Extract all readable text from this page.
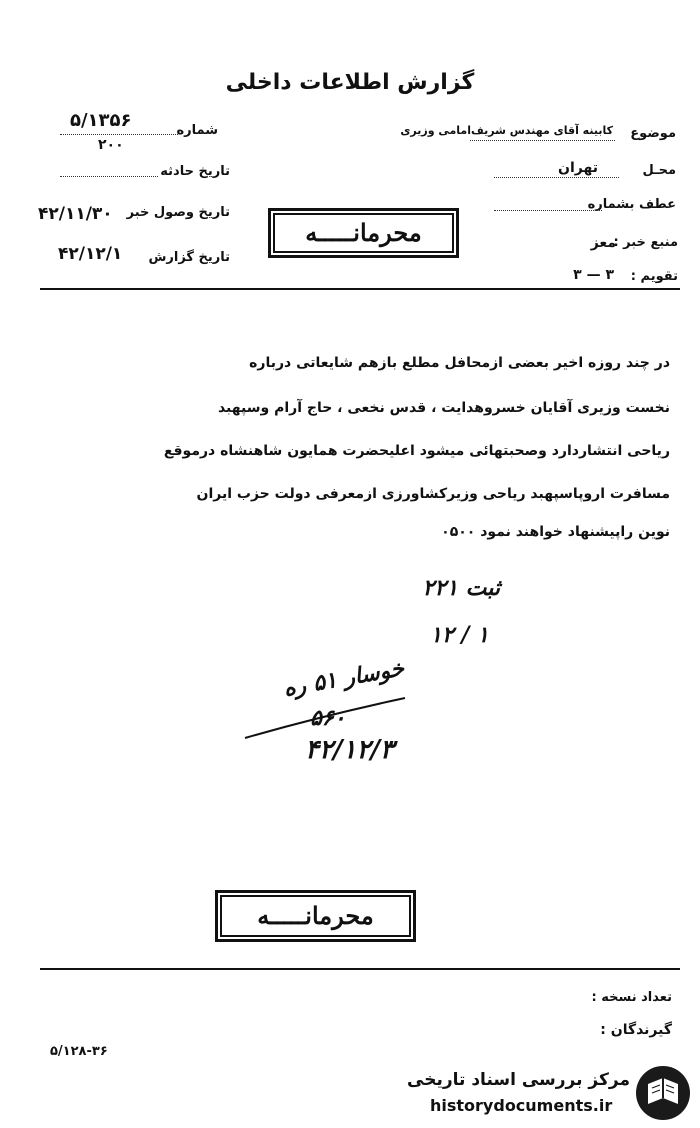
گزارش اطلاعات داخلی
شماره
۵/۱۳۵۶
۲۰۰
تاریخ حادثه
تاریخ وصول خبر
۴۲/۱۱/۳۰
تاریخ گزارش
۴۲/۱۲/۱
محرمانـــــه
موضوع
کابینه آقای مهندس شریف‌امامی وزیری
محـل
تهران
عطف بشماره
منبع خبر :
معز
تقویم :
۳ — ۳
در چند روزه اخیر بعضی ازمحافل مطلع بازهم شایعاتی درباره
نخست وزیری آقایان خسروهدایت ، قدس نخعی ، حاج آرام وسپهبد
ریاحی انتشاردارد وصحبتهائی میشود اعلیحضرت همایون شاهنشاه درموقع
مسافرت اروپاسپهبد ریاحی وزیرکشاورزی ازمعرفی دولت حزب ایران
نوین راپیشنهاد خواهند نمود ۰۵۰۰
ثبت ۲۲۱
۱۲ / ۱
خوسار ۵۱ ره
۵۶۰
۴۲/۱۲/۳
محرمانـــــه
تعداد نسخه :
گیرندگان :
۵/۱۲۸-۳۶
مرکز بررسی اسناد تاریخی
historydocuments.ir
